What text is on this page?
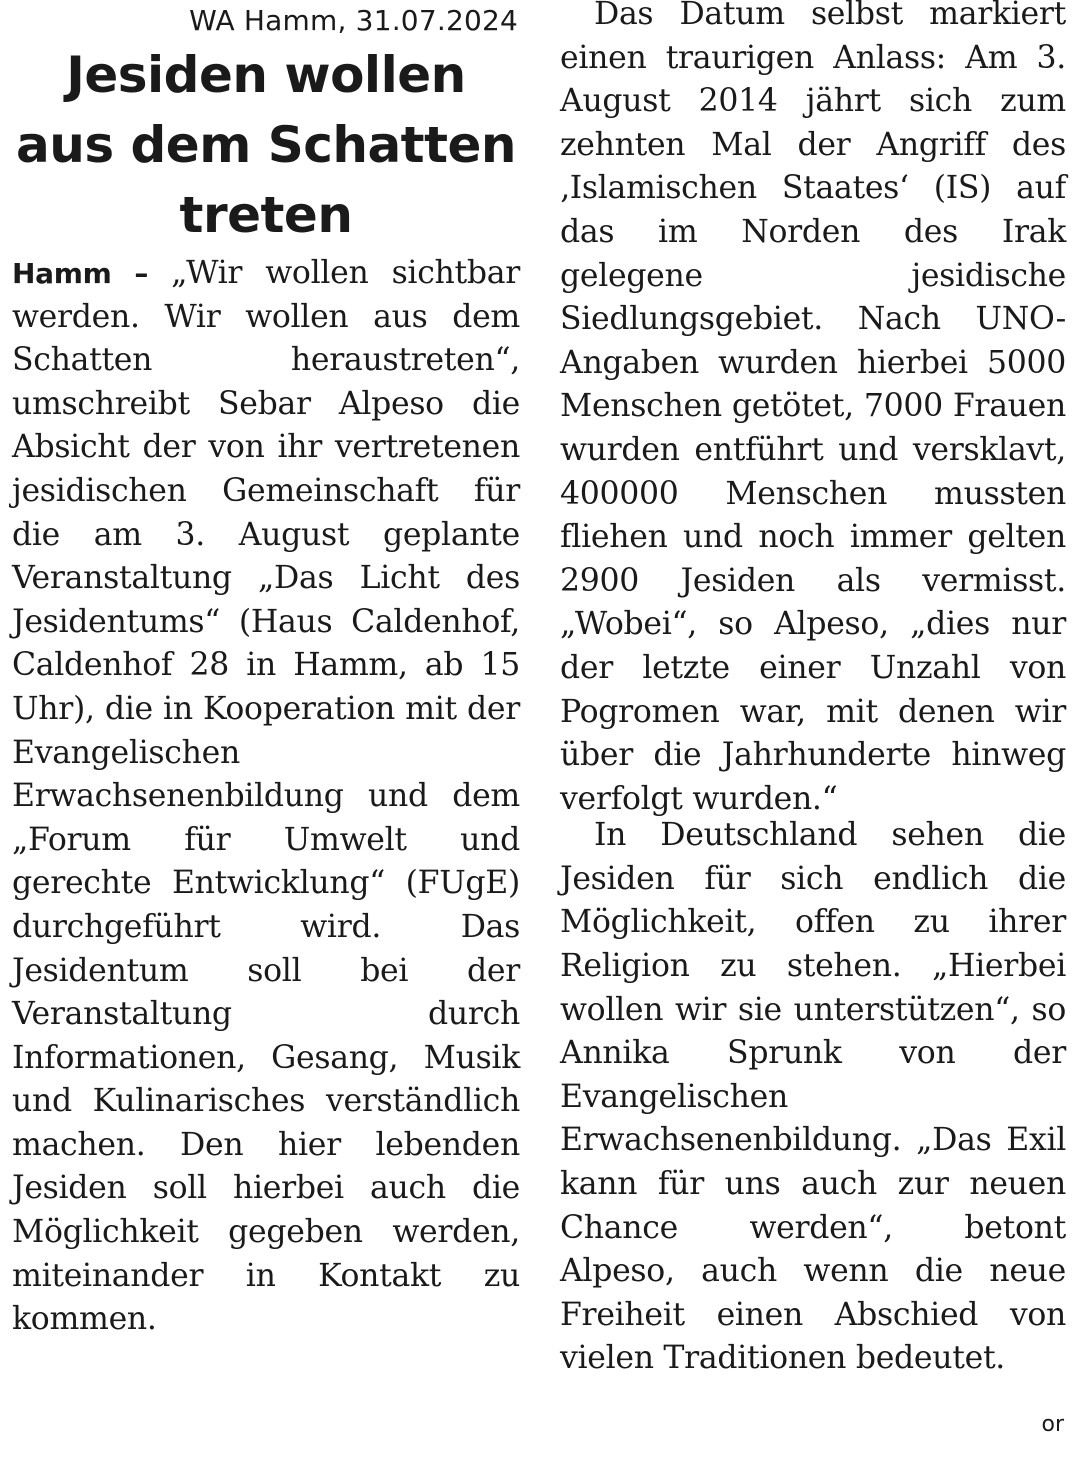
WA Hamm, 31.07.2024
Jesiden wollen aus dem Schatten treten

Hamm – „Wir wollen sichtbar werden. Wir wollen aus dem Schatten heraustreten“, umschreibt Sebar Alpeso die Absicht der von ihr vertretenen jesidischen Gemeinschaft für die am 3. August geplante Veranstaltung „Das Licht des Jesidentums“ (Haus Caldenhof, Caldenhof 28 in Hamm, ab 15 Uhr), die in Kooperation mit der Evangelischen Erwachsenenbildung und dem „Forum für Umwelt und gerechte Entwicklung“ (FUgE) durchgeführt wird. Das Jesidentum soll bei der Veranstaltung durch Informationen, Gesang, Musik und Kulinarisches verständlich machen. Den hier lebenden Jesiden soll hierbei auch die Möglichkeit gegeben werden, miteinander in Kontakt zu kommen.

Das Datum selbst markiert einen traurigen Anlass: Am 3. August 2014 jährt sich zum zehnten Mal der Angriff des ‚Islamischen Staates‘ (IS) auf das im Norden des Irak gelegene jesidische Siedlungsgebiet. Nach UNO-Angaben wurden hierbei 5000 Menschen getötet, 7000 Frauen wurden entführt und versklavt, 400000 Menschen mussten fliehen und noch immer gelten 2900 Jesiden als vermisst. „Wobei“, so Alpeso, „dies nur der letzte einer Unzahl von Pogromen war, mit denen wir über die Jahrhunderte hinweg verfolgt wurden.“

In Deutschland sehen die Jesiden für sich endlich die Möglichkeit, offen zu ihrer Religion zu stehen. „Hierbei wollen wir sie unterstützen“, so Annika Sprunk von der Evangelischen Erwachsenenbildung. „Das Exil kann für uns auch zur neuen Chance werden“, betont Alpeso, auch wenn die neue Freiheit einen Abschied von vielen Traditionen bedeutet.

or
